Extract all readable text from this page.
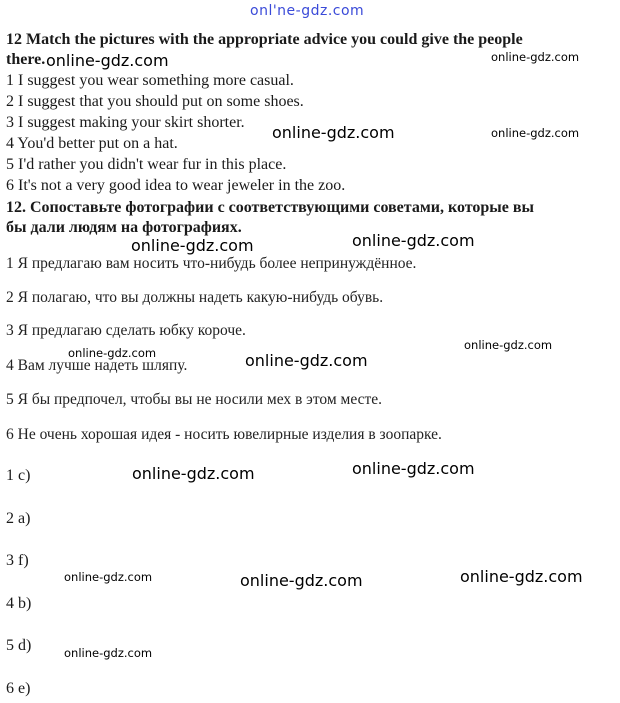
onl'ne-gdz.com
12 Match the pictures with the appropriate advice you could give the people
there.
1 I suggest you wear something more casual.
2 I suggest that you should put on some shoes.
3 I suggest making your skirt shorter.
4 You'd better put on a hat.
5 I'd rather you didn't wear fur in this place.
6 It's not a very good idea to wear jeweler in the zoo.
12. Сопоставьте фотографии с соответствующими советами, которые вы
бы дали людям на фотографиях.
1 Я предлагаю вам носить что-нибудь более непринуждённое.
2 Я полагаю, что вы должны надеть какую-нибудь обувь.
3 Я предлагаю сделать юбку короче.
4 Вам лучше надеть шляпу.
5 Я бы предпочел, чтобы вы не носили мех в этом месте.
6 Не очень хорошая идея - носить ювелирные изделия в зоопарке.
1 c)
2 a)
3 f)
4 b)
5 d)
6 e)
online-gdz.com	online-gdz.com
online-gdz.com	online-gdz.com
online-gdz.com	online-gdz.com
online-gdz.com	online-gdz.com
online-gdz.com
online-gdz.com	online-gdz.com
online-gdz.com	online-gdz.com	online-gdz.com
online-gdz.com
